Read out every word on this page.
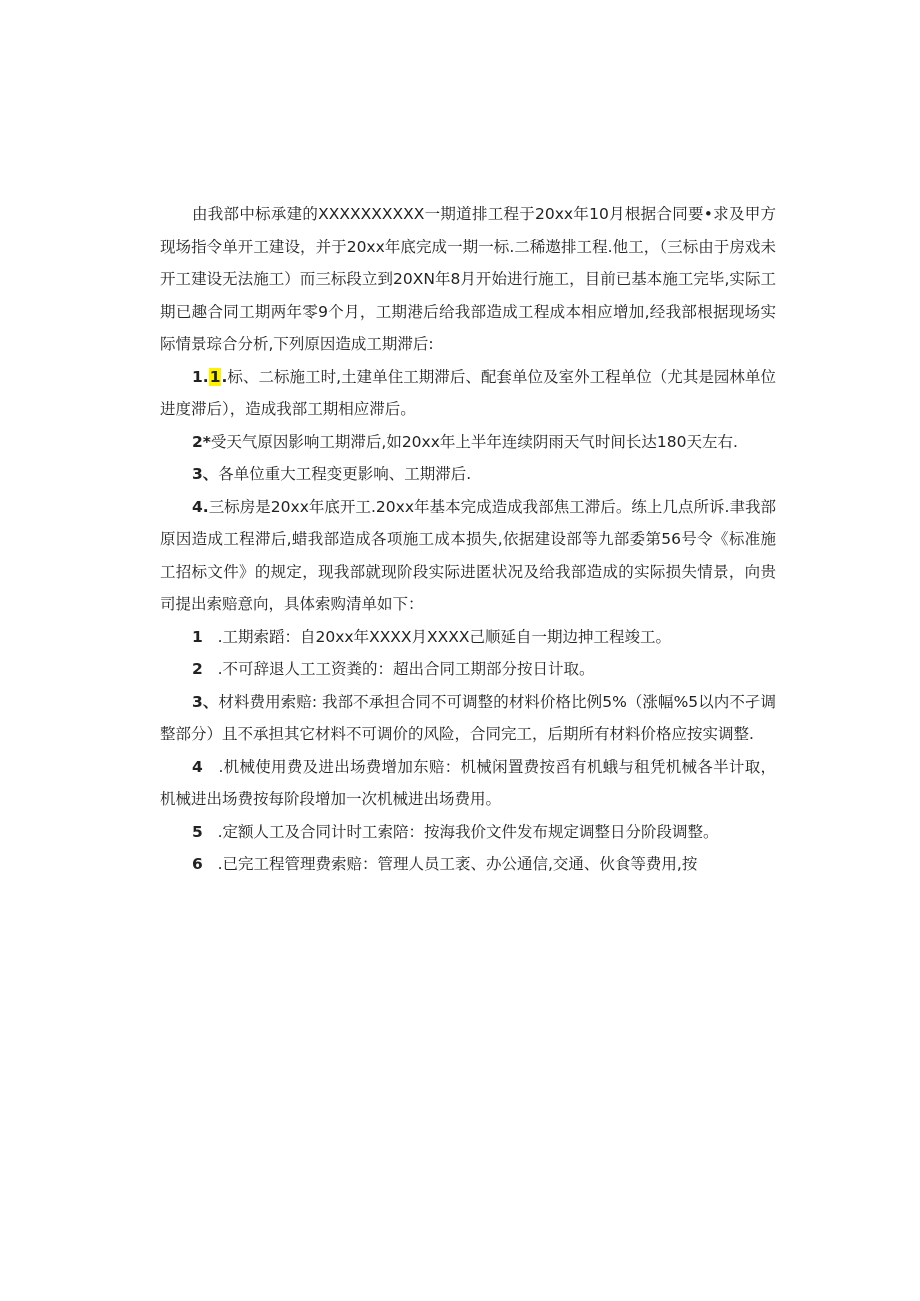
由我部中标承建的XXXXXXXXXX一期道排工程于20xx年10月根据合同要•求及甲方现场指令单开工建设，并于20xx年底完成一期一标.二稀遨排工程.他工，（三标由于房戏未开工建设无法施工）而三标段立到20XN年8月开始进行施工，目前已基本施工完毕,实际工期已趣合同工期两年零9个月，工期港后给我部造成工程成本相应增加,经我部根据现场实际情景琮合分析,下列原因造成工期滞后:

1.1.标、二标施工时,土建单住工期滞后、配套单位及室外工程单位（尤其是园林单位进度滞后），造成我部工期相应滞后。

2*受天气原因影响工期滞后,如20xx年上半年连续阴雨天气时间长达180天左右.

3、各单位重大工程变更影响、工期滞后.

4.三标房是20xx年底开工.20xx年基本完成造成我部焦工滞后。练上几点所诉.聿我部原因造成工程滞后,蜡我部造成各项施工成本损失,依据建设部等九部委第56号令《标准施工招标文件》的规定，现我部就现阶段实际进匿状况及给我部造成的实际损失情景，向贵司提出索赔意向，具体索购清单如下：

1 .工期索蹈：自20xx年XXXX月XXXX己顺延自一期边抻工程竣工。

2 .不可辞退人工工资粪的：超出合同工期部分按日计取。

3、材料费用索赔: 我部不承担合同不可调整的材料价格比例5%（涨幅%5以内不孑调整部分）且不承担其它材料不可调价的风险，合同完工，后期所有材料价格应按实调整.

4 .机械使用费及进出场费增加东赔：机械闲置费按舀有机蛾与租凭机械各半计取，机械进出场费按每阶段增加一次机械进出场费用。

5 .定额人工及合同计时工索陪：按海我价文件发布规定调整日分阶段调整。

6 .已完工程管理费索赔：管理人员工袤、办公通信,交通、伙食等费用,按
